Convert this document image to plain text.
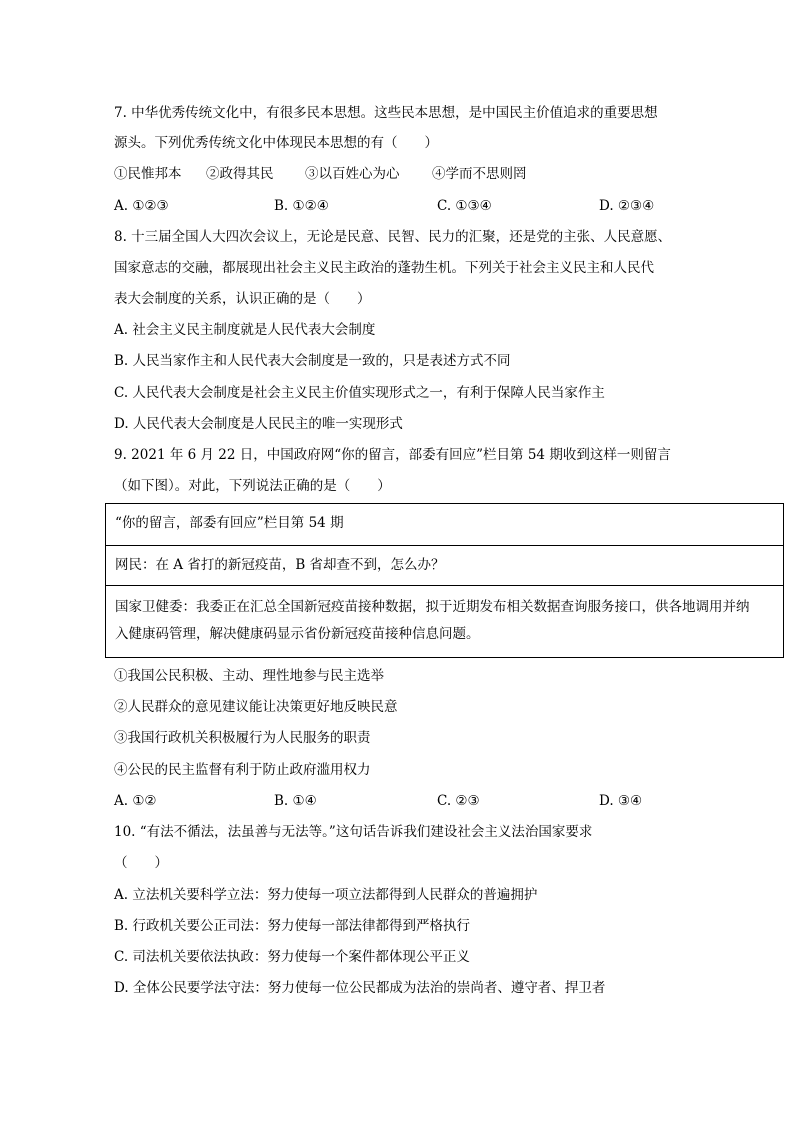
7. 中华优秀传统文化中，有很多民本思想。这些民本思想，是中国民主价值追求的重要思想
源头。下列优秀传统文化中体现民本思想的有（　　）
①民惟邦本 ②政得其民 ③以百姓心为心 ④学而不思则罔
A. ①②③	B. ①②④	C. ①③④	D. ②③④
8. 十三届全国人大四次会议上，无论是民意、民智、民力的汇聚，还是党的主张、人民意愿、
国家意志的交融，都展现出社会主义民主政治的蓬勃生机。下列关于社会主义民主和人民代
表大会制度的关系，认识正确的是（　　）
A. 社会主义民主制度就是人民代表大会制度
B. 人民当家作主和人民代表大会制度是一致的，只是表述方式不同
C. 人民代表大会制度是社会主义民主价值实现形式之一，有利于保障人民当家作主
D. 人民代表大会制度是人民民主的唯一实现形式
9. 2021 年 6 月 22 日，中国政府网“你的留言，部委有回应”栏目第 54 期收到这样一则留言
（如下图）。对此，下列说法正确的是（　　）
“你的留言，部委有回应”栏目第 54 期
网民：在 A 省打的新冠疫苗，B 省却查不到，怎么办？
国家卫健委：我委正在汇总全国新冠疫苗接种数据，拟于近期发布相关数据查询服务接口，供各地调用并纳
入健康码管理，解决健康码显示省份新冠疫苗接种信息问题。
①我国公民积极、主动、理性地参与民主选举
②人民群众的意见建议能让决策更好地反映民意
③我国行政机关积极履行为人民服务的职责
④公民的民主监督有利于防止政府滥用权力
A. ①②	B. ①④	C. ②③	D. ③④
10. “有法不循法，法虽善与无法等。”这句话告诉我们建设社会主义法治国家要求
（　　）
A. 立法机关要科学立法：努力使每一项立法都得到人民群众的普遍拥护
B. 行政机关要公正司法：努力使每一部法律都得到严格执行
C. 司法机关要依法执政：努力使每一个案件都体现公平正义
D. 全体公民要学法守法：努力使每一位公民都成为法治的崇尚者、遵守者、捍卫者
